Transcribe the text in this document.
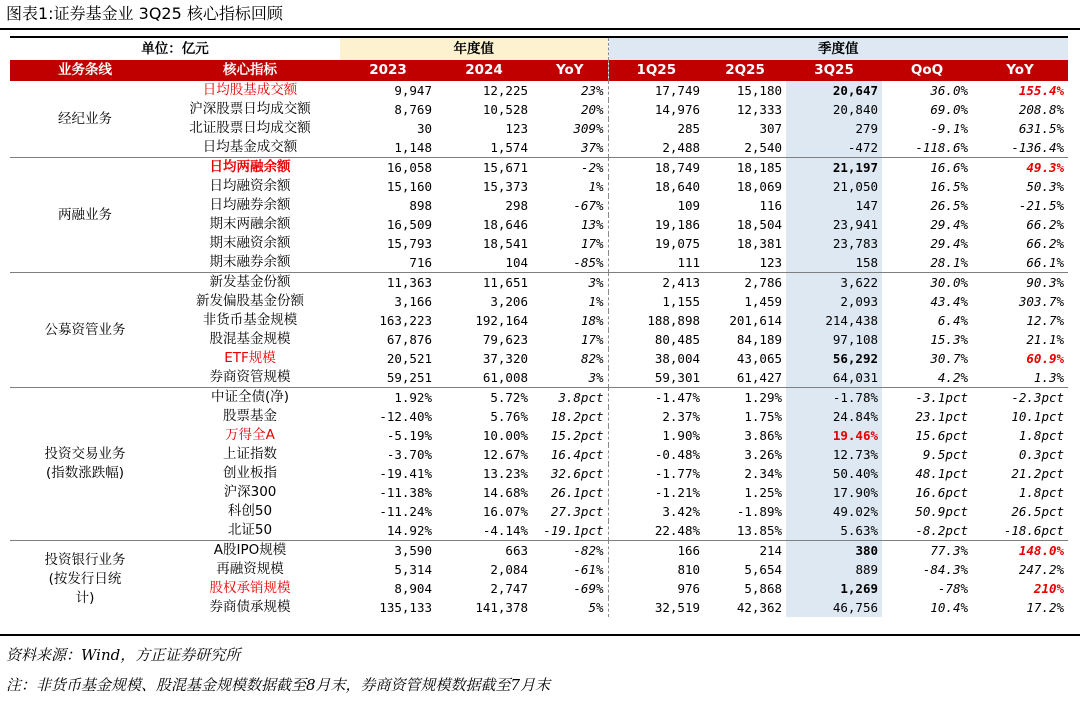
图表1:证券基金业 3Q25 核心指标回顾
单位：亿元		年度值			季度值				
业务条线	核心指标	2023	2024	YoY	1Q25	2Q25	3Q25	QoQ	YoY

经纪业务	日均股基成交额	9,947	12,225	23%	17,749	15,180	20,647	36.0%	155.4%
	沪深股票日均成交额	8,769	10,528	20%	14,976	12,333	20,840	69.0%	208.8%
	北证股票日均成交额	30	123	309%	285	307	279	-9.1%	631.5%
	日均基金成交额	1,148	1,574	37%	2,488	2,540	-472	-118.6%	-136.4%

两融业务	日均两融余额	16,058	15,671	-2%	18,749	18,185	21,197	16.6%	49.3%
	日均融资余额	15,160	15,373	1%	18,640	18,069	21,050	16.5%	50.3%
	日均融券余额	898	298	-67%	109	116	147	26.5%	-21.5%
	期末两融余额	16,509	18,646	13%	19,186	18,504	23,941	29.4%	66.2%
	期末融资余额	15,793	18,541	17%	19,075	18,381	23,783	29.4%	66.2%
	期末融券余额	716	104	-85%	111	123	158	28.1%	66.1%

公募资管业务	新发基金份额	11,363	11,651	3%	2,413	2,786	3,622	30.0%	90.3%
	新发偏股基金份额	3,166	3,206	1%	1,155	1,459	2,093	43.4%	303.7%
	非货币基金规模	163,223	192,164	18%	188,898	201,614	214,438	6.4%	12.7%
	股混基金规模	67,876	79,623	17%	80,485	84,189	97,108	15.3%	21.1%
	ETF规模	20,521	37,320	82%	38,004	43,065	56,292	30.7%	60.9%
	券商资管规模	59,251	61,008	3%	59,301	61,427	64,031	4.2%	1.3%

投资交易业务
(指数涨跌幅)	中证全债(净)	1.92%	5.72%	3.8pct	-1.47%	1.29%	-1.78%	-3.1pct	-2.3pct
	股票基金	-12.40%	5.76%	18.2pct	2.37%	1.75%	24.84%	23.1pct	10.1pct
	万得全A	-5.19%	10.00%	15.2pct	1.90%	3.86%	19.46%	15.6pct	1.8pct
	上证指数	-3.70%	12.67%	16.4pct	-0.48%	3.26%	12.73%	9.5pct	0.3pct
	创业板指	-19.41%	13.23%	32.6pct	-1.77%	2.34%	50.40%	48.1pct	21.2pct
	沪深300	-11.38%	14.68%	26.1pct	-1.21%	1.25%	17.90%	16.6pct	1.8pct
	科创50	-11.24%	16.07%	27.3pct	3.42%	-1.89%	49.02%	50.9pct	26.5pct
	北证50	14.92%	-4.14%	-19.1pct	22.48%	13.85%	5.63%	-8.2pct	-18.6pct

投资银行业务
(按发行日统
计)	A股IPO规模	3,590	663	-82%	166	214	380	77.3%	148.0%
	再融资规模	5,314	2,084	-61%	810	5,654	889	-84.3%	247.2%
	股权承销规模	8,904	2,747	-69%	976	5,868	1,269	-78%	210%
	券商债承规模	135,133	141,378	5%	32,519	42,362	46,756	10.4%	17.2%
资料来源：Wind，方正证券研究所
注：非货币基金规模、股混基金规模数据截至8月末，券商资管规模数据截至7月末
